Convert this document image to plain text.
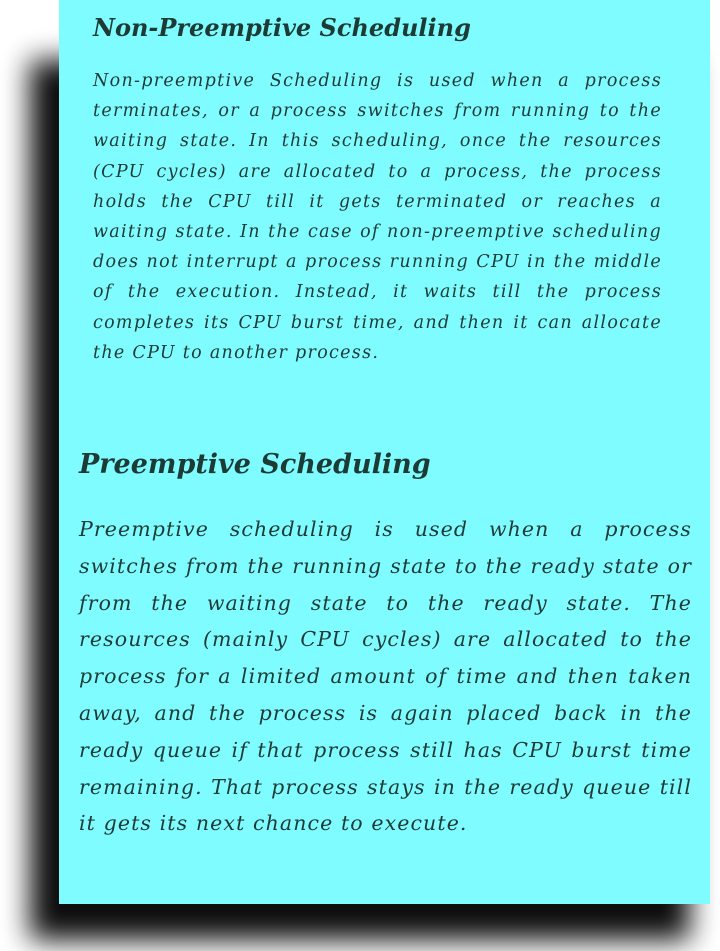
Non-Preemptive Scheduling

Non-preemptive Scheduling is used when a process terminates, or a process switches from running to the waiting state. In this scheduling, once the resources (CPU cycles) are allocated to a process, the process holds the CPU till it gets terminated or reaches a waiting state. In the case of non-preemptive scheduling does not interrupt a process running CPU in the middle of the execution. Instead, it waits till the process completes its CPU burst time, and then it can allocate the CPU to another process.

Preemptive Scheduling

Preemptive scheduling is used when a process switches from the running state to the ready state or from the waiting state to the ready state. The resources (mainly CPU cycles) are allocated to the process for a limited amount of time and then taken away, and the process is again placed back in the ready queue if that process still has CPU burst time remaining. That process stays in the ready queue till it gets its next chance to execute.
